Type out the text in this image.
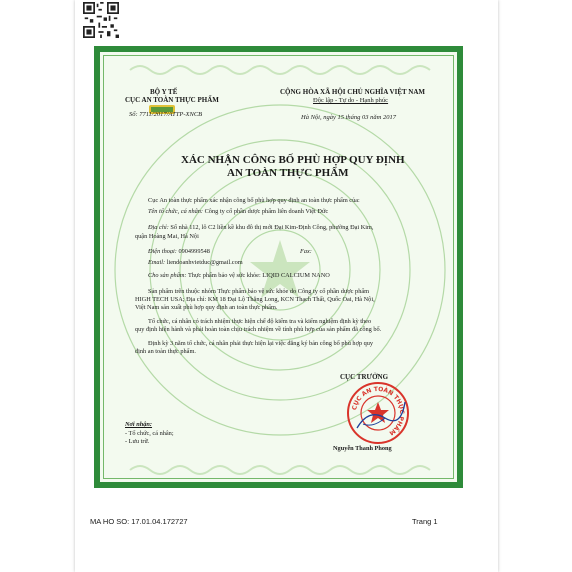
BỘ Y TẾ
CỤC AN TOÀN THỰC PHẨM
Số: 7711/2017/ATTP-XNCB
CỘNG HÒA XÃ HỘI CHỦ NGHĨA VIỆT NAM
Độc lập - Tự do - Hạnh phúc
Hà Nội, ngày 15 tháng 03 năm 2017
XÁC NHẬN CÔNG BỐ PHÙ HỢP QUY ĐỊNH
AN TOÀN THỰC PHẨM
Cục An toàn thực phẩm xác nhận công bố phù hợp quy định an toàn thực phẩm của:
Tên tổ chức, cá nhân: Công ty cổ phần dược phẩm liên doanh Việt Đức
Địa chỉ: Số nhà 112, lô C2 liền kề khu đô thị mới Đại Kim-Định Công, phường Đại Kim,
quận Hoàng Mai, Hà Nội
Điện thoại: 0904999548	Fax:
Email: liendoanhvietduc@gmail.com
Cho sản phẩm: Thực phẩm bảo vệ sức khỏe: LIQID CALCIUM NANO
Sản phẩm trên thuộc nhóm Thực phẩm bảo vệ sức khỏe do Công ty cổ phần dược phẩm
HIGH TECH USA; Địa chỉ: KM 18 Đại Lộ Thăng Long, KCN Thạch Thất, Quốc Oai, Hà Nội,
Việt Nam sản xuất phù hợp quy định an toàn thực phẩm.
Tổ chức, cá nhân có trách nhiệm thực hiện chế độ kiểm tra và kiểm nghiệm định kỳ theo
quy định hiện hành và phải hoàn toàn chịu trách nhiệm về tính phù hợp của sản phẩm đã công bố.
Định kỳ 3 năm tổ chức, cá nhân phải thực hiện lại việc đăng ký bản công bố phù hợp quy
định an toàn thực phẩm.
Nơi nhận:
- Tổ chức, cá nhân;
- Lưu trữ.
CỤC TRƯỞNG
CỤC AN TOÀN THỰC PHẨM
Nguyễn Thanh Phong
MA HO SO: 17.01.04.172727	Trang 1
